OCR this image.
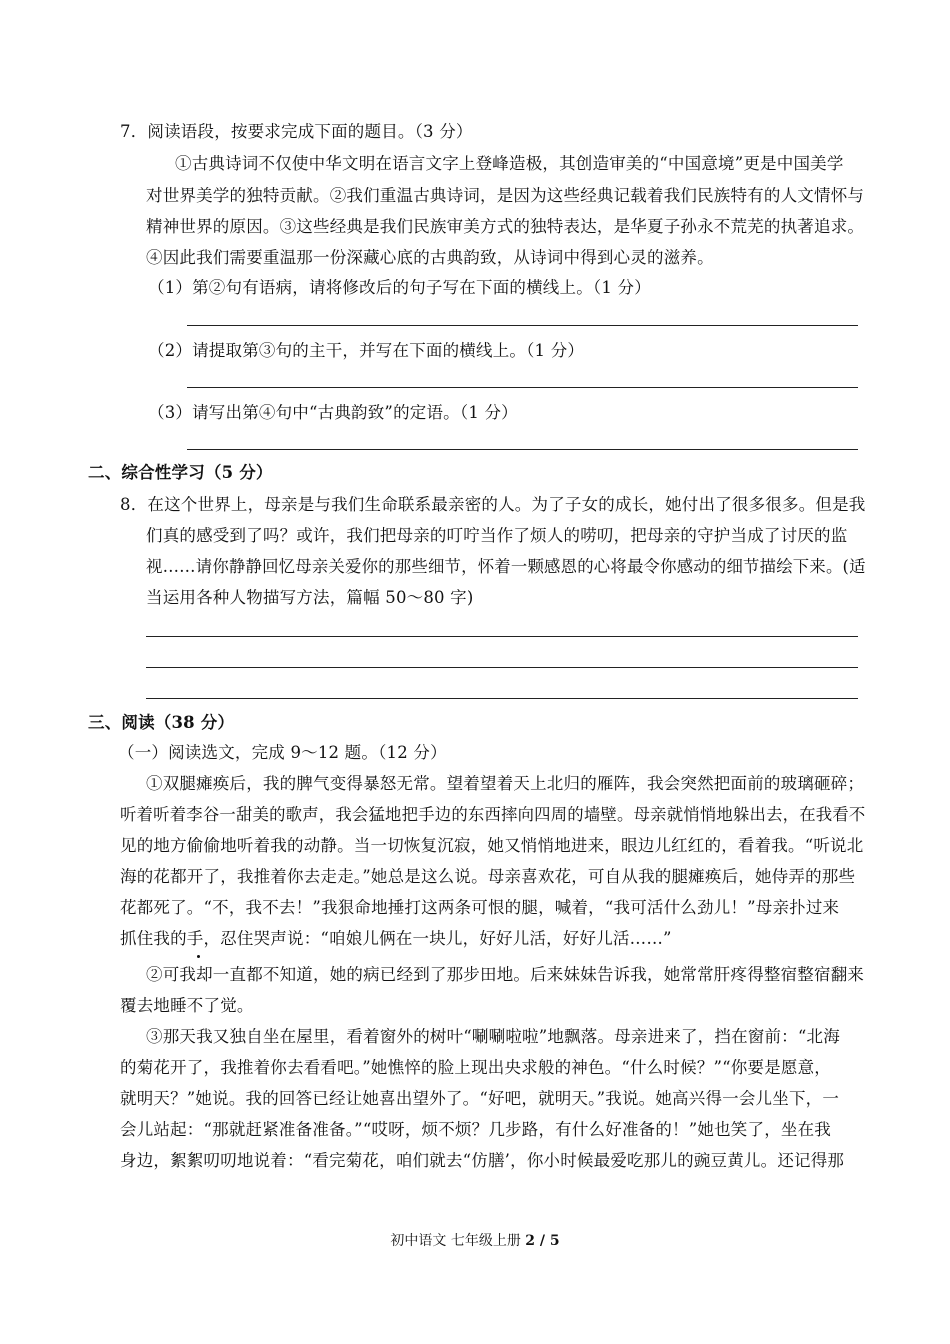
7．阅读语段，按要求完成下面的题目。（3 分）
①古典诗词不仅使中华文明在语言文字上登峰造极，其创造审美的“中国意境”更是中国美学
对世界美学的独特贡献。②我们重温古典诗词，是因为这些经典记载着我们民族特有的人文情怀与
精神世界的原因。③这些经典是我们民族审美方式的独特表达，是华夏子孙永不荒芜的执著追求。
④因此我们需要重温那一份深藏心底的古典韵致，从诗词中得到心灵的滋养。
（1）第②句有语病，请将修改后的句子写在下面的横线上。（1 分）
（2）请提取第③句的主干，并写在下面的横线上。（1 分）
（3）请写出第④句中“古典韵致”的定语。（1 分）
二、综合性学习（5 分）
8．在这个世界上，母亲是与我们生命联系最亲密的人。为了子女的成长，她付出了很多很多。但是我
们真的感受到了吗？或许，我们把母亲的叮咛当作了烦人的唠叨，把母亲的守护当成了讨厌的监
视……请你静静回忆母亲关爱你的那些细节，怀着一颗感恩的心将最令你感动的细节描绘下来。(适
当运用各种人物描写方法，篇幅 50～80 字)
三、阅读（38 分）
（一）阅读选文，完成 9～12 题。（12 分）
①双腿瘫痪后，我的脾气变得暴怒无常。望着望着天上北归的雁阵，我会突然把面前的玻璃砸碎；
听着听着李谷一甜美的歌声，我会猛地把手边的东西摔向四周的墙壁。母亲就悄悄地躲出去，在我看不
见的地方偷偷地听着我的动静。当一切恢复沉寂，她又悄悄地进来，眼边儿红红的，看着我。“听说北
海的花都开了，我推着你去走走。”她总是这么说。母亲喜欢花，可自从我的腿瘫痪后，她侍弄的那些
花都死了。“不，我不去！”我狠命地捶打这两条可恨的腿，喊着，“我可活什么劲儿！”母亲扑过来
抓住我的手，忍住哭声说：“咱娘儿俩在一块儿，好好儿活，好好儿活……”
②可我却一直都不知道，她的病已经到了那步田地。后来妹妹告诉我，她常常肝疼得整宿整宿翻来
覆去地睡不了觉。
③那天我又独自坐在屋里，看着窗外的树叶“唰唰啦啦”地飘落。母亲进来了，挡在窗前：“北海
的菊花开了，我推着你去看看吧。”她憔悴的脸上现出央求般的神色。“什么时候？”“你要是愿意，
就明天？”她说。我的回答已经让她喜出望外了。“好吧，就明天。”我说。她高兴得一会儿坐下，一
会儿站起：“那就赶紧准备准备。”“哎呀，烦不烦？几步路，有什么好准备的！”她也笑了，坐在我
身边，絮絮叨叨地说着：“看完菊花，咱们就去“仿膳’，你小时候最爱吃那儿的豌豆黄儿。还记得那
初中语文 七年级上册 2 / 5
